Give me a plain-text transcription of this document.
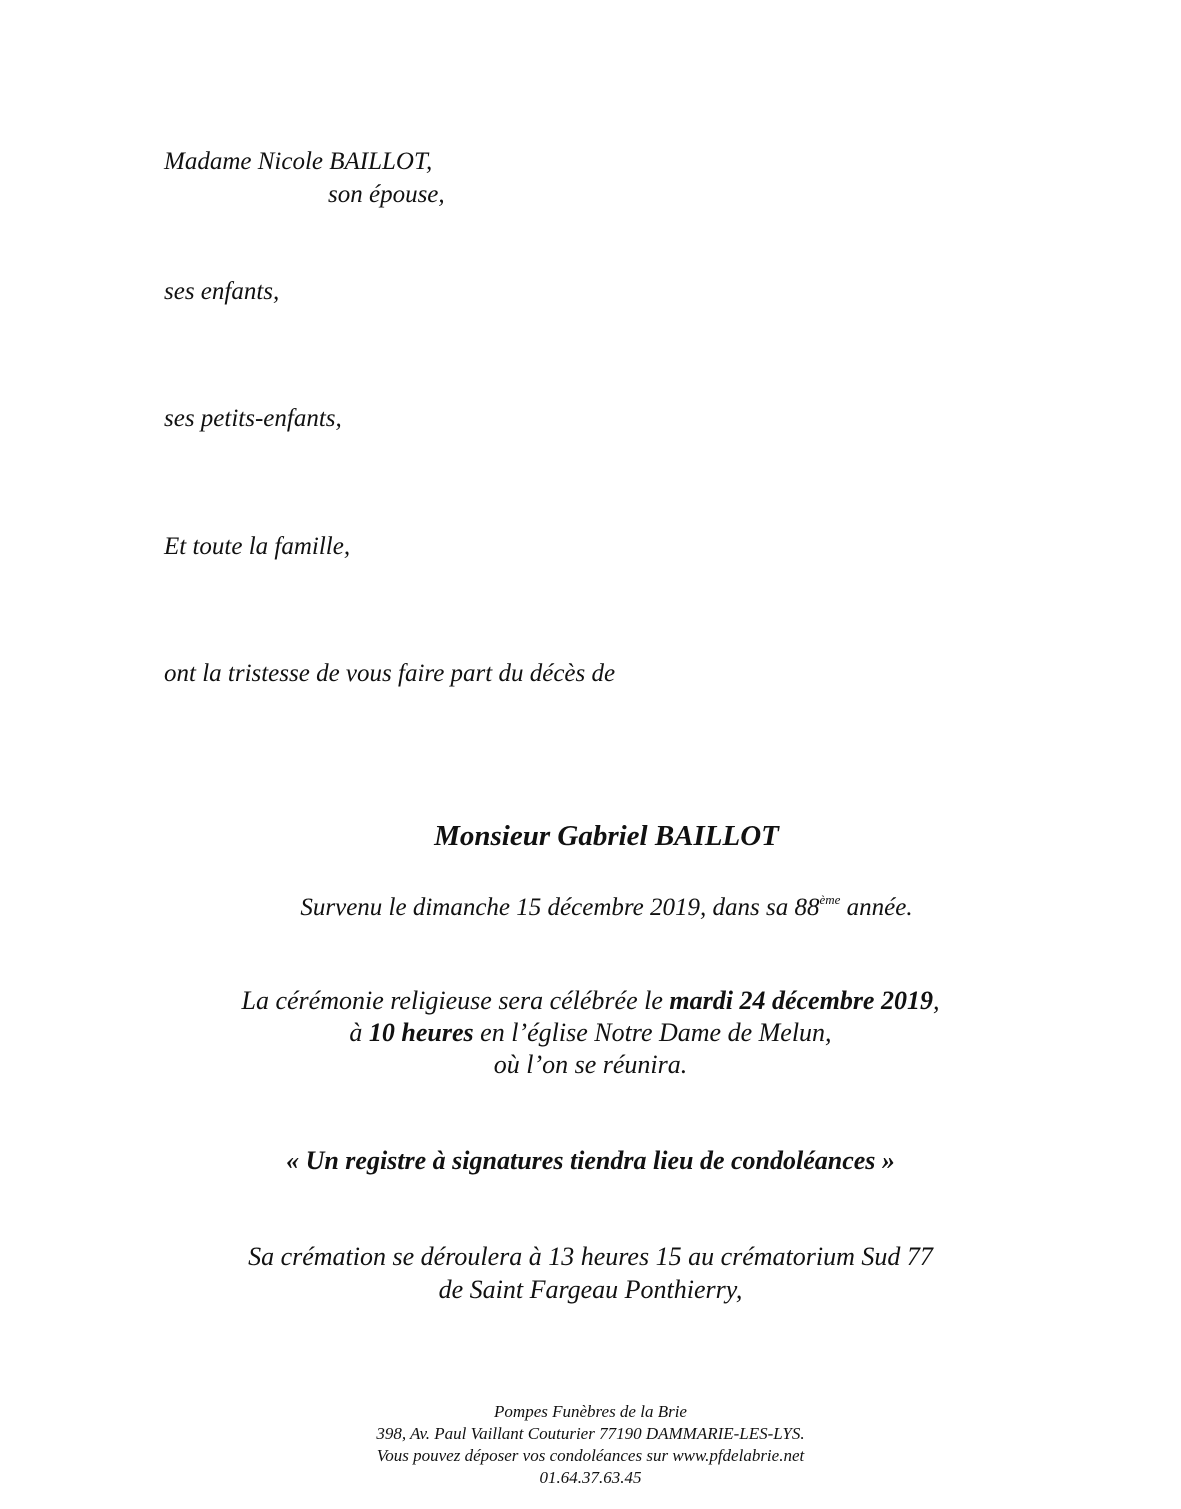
Madame Nicole BAILLOT,
son épouse,
ses enfants,
ses petits-enfants,
Et toute la famille,
ont la tristesse de vous faire part du décès de
Monsieur Gabriel BAILLOT
Survenu le dimanche 15 décembre 2019, dans sa 88ème année.
La cérémonie religieuse sera célébrée le mardi 24 décembre 2019,
à 10 heures en l’église Notre Dame de Melun,
où l’on se réunira.
« Un registre à signatures tiendra lieu de condoléances »
Sa crémation se déroulera à 13 heures 15 au crématorium Sud 77
de Saint Fargeau Ponthierry,
Pompes Funèbres de la Brie
398, Av. Paul Vaillant Couturier 77190 DAMMARIE-LES-LYS.
Vous pouvez déposer vos condoléances sur www.pfdelabrie.net
01.64.37.63.45
